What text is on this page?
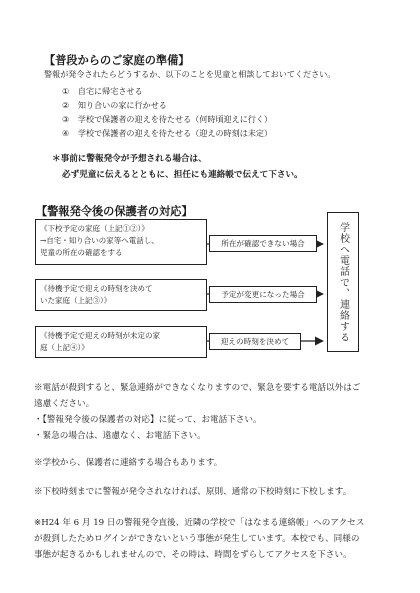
【普段からのご家庭の準備】
警報が発令されたらどうするか、以下のことを児童と相談しておいてください。
① 自宅に帰宅させる
② 知り合いの家に行かせる
③ 学校で保護者の迎えを待たせる（何時頃迎えに行く）
④ 学校で保護者の迎えを待たせる（迎えの時刻は未定）
＊事前に警報発令が予想される場合は、
必ず児童に伝えるとともに、担任にも連絡帳で伝えて下さい。
【警報発令後の保護者の対応】
《下校予定の家庭（上記①②）》
→自宅・知り合いの家等へ電話し、
児童の所在の確認をする
《待機予定で迎えの時刻を決めて
いた家庭（上記③）》
《待機予定で迎えの時刻が未定の家
庭（上記④）》
所在が確認できない場合
予定が変更になった場合
迎えの時刻を決めて	学校へ電話で、連絡する
※電話が殺到すると、緊急連絡ができなくなりますので、緊急を要する電話以外はご
遠慮ください。
・【警報発令後の保護者の対応】に従って、お電話下さい。
・緊急の場合は、遠慮なく、お電話下さい。
※学校から、保護者に連絡する場合もあります。
※下校時刻までに警報が発令されなければ、原則、通常の下校時刻に下校します。
※H24 年 6 月 19 日の警報発令直後、近隣の学校で「はなまる連絡帳」へのアクセス
が殺到したためログインができないという事態が発生しています。本校でも、同様の
事態が起きるかもしれませんので、その時は、時間をずらしてアクセスを下さい。
